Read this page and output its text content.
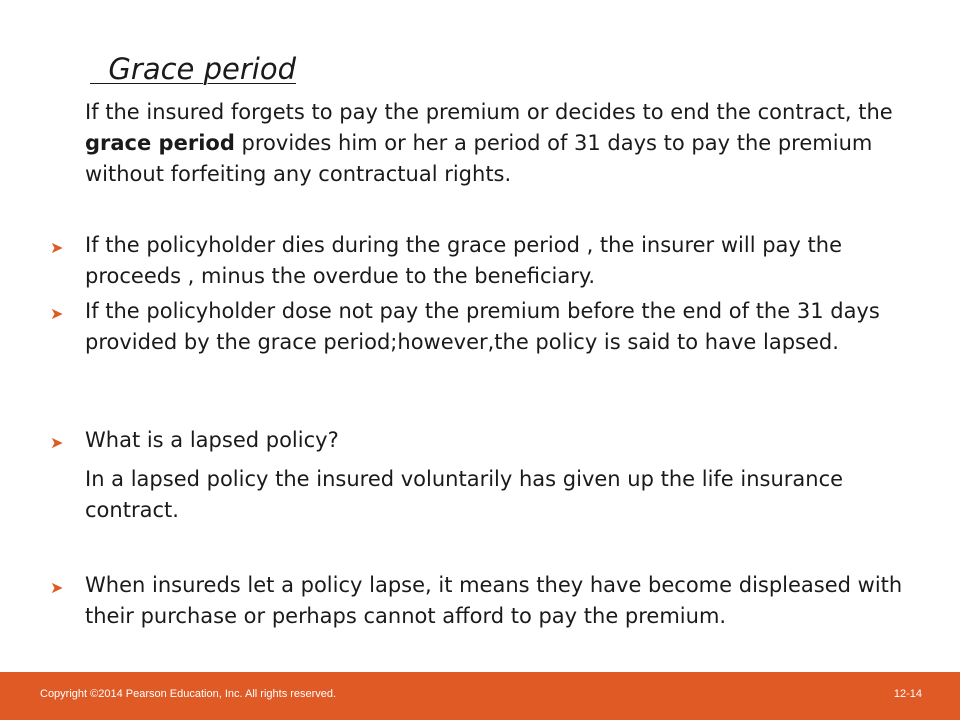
Grace period
If the insured forgets to pay the premium or decides to end the contract, the grace period provides him or her a period of 31 days to pay the premium without forfeiting any contractual rights.
➤	If the policyholder dies during the grace period , the insurer will pay the proceeds , minus the overdue to the beneficiary.
➤	If the policyholder dose not pay the premium before the end of the 31 days provided by the grace period;however,the policy is said to have lapsed.
➤	What is a lapsed policy?
In a lapsed policy the insured voluntarily has given up the life insurance contract.
➤	When insureds let a policy lapse, it means they have become displeased with their purchase or perhaps cannot afford to pay the premium.
Copyright ©2014 Pearson Education, Inc. All rights reserved.	12-14
